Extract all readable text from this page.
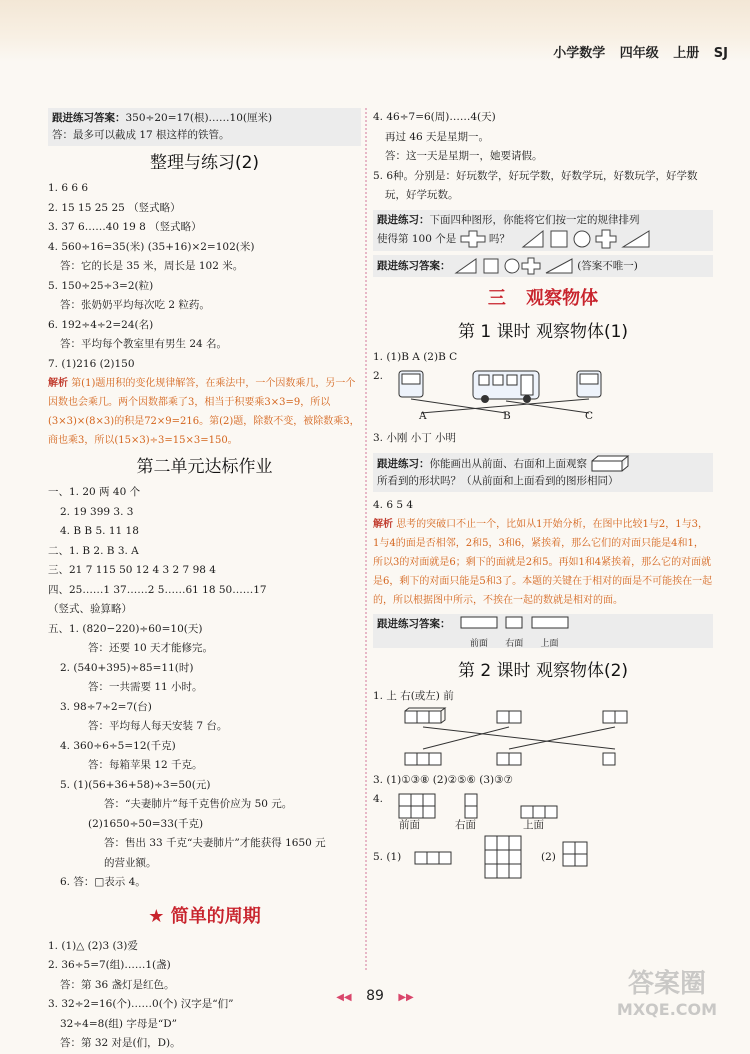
小学数学 四年级 上册 SJ
跟进练习答案：350÷20=17(根)……10(厘米)
答：最多可以截成 17 根这样的铁管。
整理与练习(2)
1. 6 6 6
2. 15 15 25 25 （竖式略）
3. 37 6……40 19 8 （竖式略）
4. 560÷16=35(米) (35+16)×2=102(米)
答：它的长是 35 米，周长是 102 米。
5. 150÷25÷3=2(粒)
答：张奶奶平均每次吃 2 粒药。
6. 192÷4÷2=24(名)
答：平均每个教室里有男生 24 名。
7. (1)216 (2)150
解析 第(1)题用积的变化规律解答，在乘法中，一个因数乘几，另一个因数也会乘几。两个因数都乘了3，相当于积要乘3×3=9，所以(3×3)×(8×3)的积是72×9=216。第(2)题，除数不变，被除数乘3，商也乘3，所以(15×3)÷3=15×3=150。
第二单元达标作业
一、1. 20 两 40 个
2. 19 399 3. 3
4. B B 5. 11 18
二、1. B 2. B 3. A
三、21 7 115 50 12 4 3 2 7 98 4
四、25……1 37……2 5……61 18 50……17
（竖式、验算略）
五、1. (820−220)÷60=10(天)
答：还要 10 天才能修完。
2. (540+395)÷85=11(时)
答：一共需要 11 小时。
3. 98÷7÷2=7(台)
答：平均每人每天安装 7 台。
4. 360÷6÷5=12(千克)
答：每箱苹果 12 千克。
5. (1)(56+36+58)÷3=50(元)
答：“夫妻肺片”每千克售价应为 50 元。
(2)1650÷50=33(千克)
答：售出 33 千克“夫妻肺片”才能获得 1650 元
的营业额。
6. 答：□表示 4。
★ 简单的周期
1. (1)△ (2)3 (3)爱
2. 36÷5=7(组)……1(盏)
答：第 36 盏灯是红色。
3. 32÷2=16(个)……0(个) 汉字是“们”
32÷4=8(组) 字母是“D”
答：第 32 对是(们，D)。
4. 46÷7=6(周)……4(天)
再过 46 天是星期一。
答：这一天是星期一，她要请假。
5. 6种。分别是：好玩数学，好玩学数，好数学玩，好数玩学，好学数玩，好学玩数。
跟进练习：下面四种图形，你能将它们按一定的规律排列
使得第 100 个是	吗？
跟进练习答案：	(答案不唯一)
三 观察物体
第 1 课时 观察物体(1)
1. (1)B A (2)B C
2.
A	B	C
3. 小刚 小丁 小明
跟进练习：你能画出从前面、右面和上面观察
所看到的形状吗？（从前面和上面看到的图形相同）
4. 6 5 4
解析 思考的突破口不止一个，比如从1开始分析，在图中比较1与2，1与3，1与4的面是否相邻，2和5，3和6，紧挨着，那么它们的对面只能是4和1，所以3的对面就是6；剩下的面就是2和5。再如1和4紧挨着，那么它的对面就是6，剩下的对面只能是5和3了。本题的关键在于相对的面是不可能挨在一起的，所以根据图中所示，不挨在一起的数就是相对的面。
跟进练习答案：
前面 右面 上面
第 2 课时 观察物体(2)
1. 上 右(或左) 前
3. (1)①③⑧ (2)②⑤⑥ (3)③⑦
4.
前面	右面	上面
5. (1)	(2)
◀◀ 89 ▶▶	答案圈
MXQE.COM
